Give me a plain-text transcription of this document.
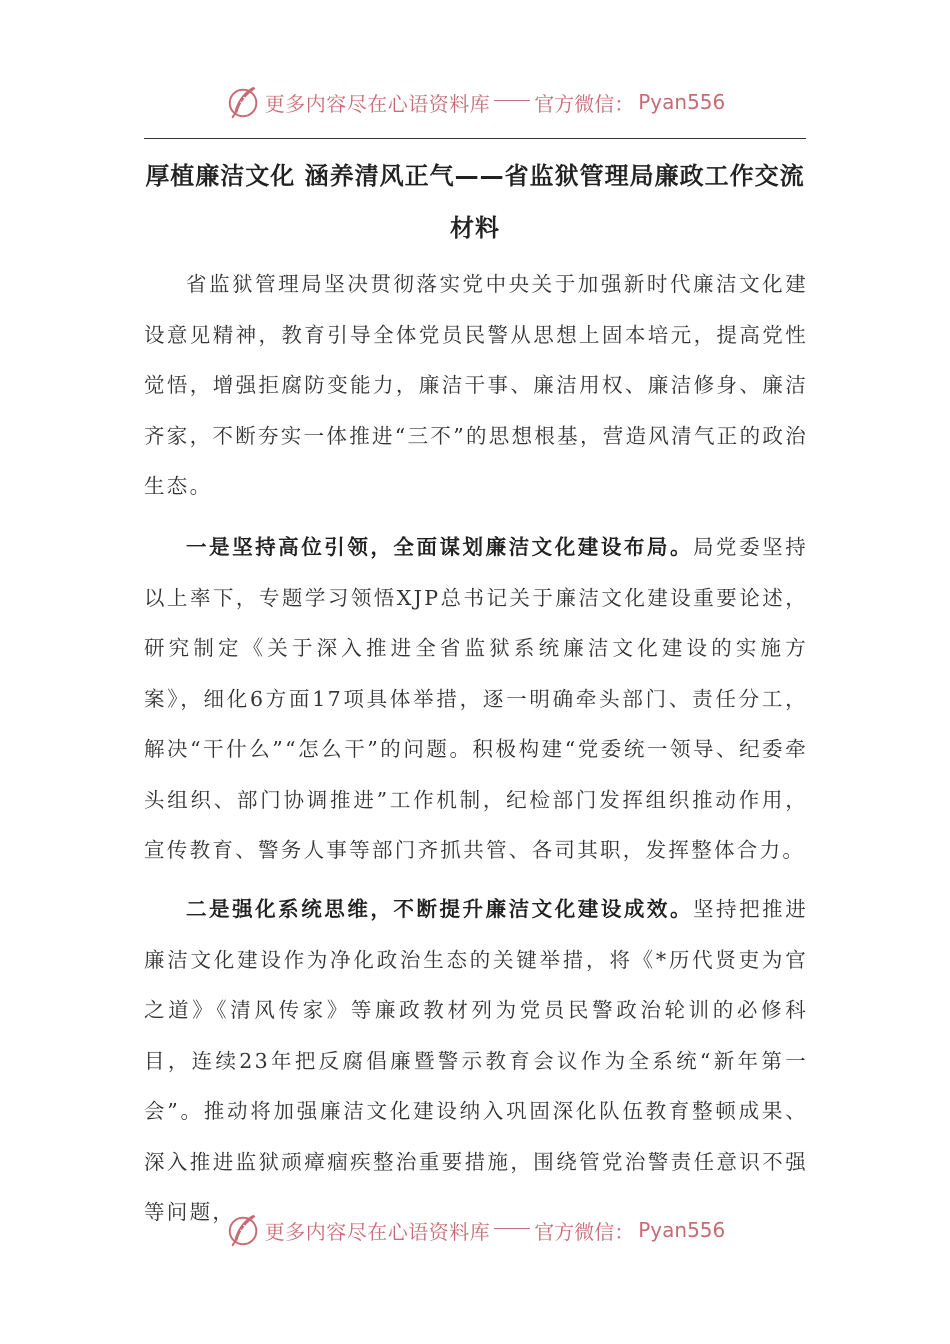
更多内容尽在心语资料库 官方微信： Pyan556
厚植廉洁文化 涵养清风正气——省监狱管理局廉政工作交流材料

省监狱管理局坚决贯彻落实党中央关于加强新时代廉洁文化建设意见精神，教育引导全体党员民警从思想上固本培元，提高党性觉悟，增强拒腐防变能力，廉洁干事、廉洁用权、廉洁修身、廉洁齐家，不断夯实一体推进“三不”的思想根基，营造风清气正的政治生态。

一是坚持高位引领，全面谋划廉洁文化建设布局。局党委坚持以上率下，专题学习领悟XJP总书记关于廉洁文化建设重要论述，研究制定《关于深入推进全省监狱系统廉洁文化建设的实施方案》，细化6方面17项具体举措，逐一明确牵头部门、责任分工，解决“干什么”“怎么干”的问题。积极构建“党委统一领导、纪委牵头组织、部门协调推进”工作机制，纪检部门发挥组织推动作用，宣传教育、警务人事等部门齐抓共管、各司其职，发挥整体合力。

二是强化系统思维，不断提升廉洁文化建设成效。坚持把推进廉洁文化建设作为净化政治生态的关键举措，将《*历代贤吏为官之道》《清风传家》等廉政教材列为党员民警政治轮训的必修科目，连续23年把反腐倡廉暨警示教育会议作为全系统“新年第一会”。推动将加强廉洁文化建设纳入巩固深化队伍教育整顿成果、深入推进监狱顽瘴痼疾整治重要措施，围绕管党治警责任意识不强等问题，

更多内容尽在心语资料库 官方微信： Pyan556
